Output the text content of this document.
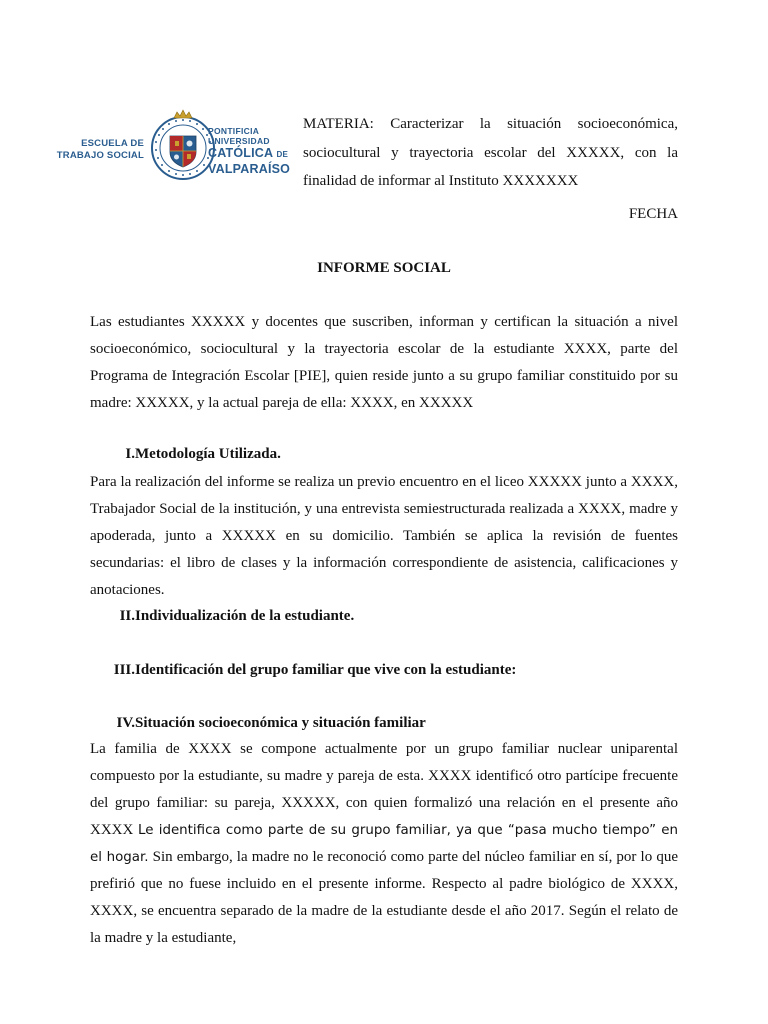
ESCUELA DE
TRABAJO SOCIAL
PONTIFICIA
UNIVERSIDAD
CATÓLICA DE
VALPARAÍSO
MATERIA: Caracterizar la situación socioeconómica, sociocultural y trayectoria escolar del XXXXX, con la finalidad de informar al Instituto XXXXXXX
FECHA
INFORME SOCIAL

Las estudiantes XXXXX y docentes que suscriben, informan y certifican la situación a nivel socioeconómico, sociocultural y la trayectoria escolar de la estudiante XXXX, parte del Programa de Integración Escolar [PIE], quien reside junto a su grupo familiar constituido por su madre: XXXXX, y la actual pareja de ella: XXXX, en XXXXX

I. Metodología Utilizada.

Para la realización del informe se realiza un previo encuentro en el liceo XXXXX junto a XXXX, Trabajador Social de la institución, y una entrevista semiestructurada realizada a XXXX, madre y apoderada, junto a XXXXX en su domicilio. También se aplica la revisión de fuentes secundarias: el libro de clases y la información correspondiente de asistencia, calificaciones y anotaciones.

II. Individualización de la estudiante.
III. Identificación del grupo familiar que vive con la estudiante:
IV. Situación socioeconómica y situación familiar

La familia de XXXX se compone actualmente por un grupo familiar nuclear uniparental compuesto por la estudiante, su madre y pareja de esta. XXXX identificó otro partícipe frecuente del grupo familiar: su pareja, XXXXX, con quien formalizó una relación en el presente año XXXX Le identifica como parte de su grupo familiar, ya que “pasa mucho tiempo” en el hogar. Sin embargo, la madre no le reconoció como parte del núcleo familiar en sí, por lo que prefirió que no fuese incluido en el presente informe. Respecto al padre biológico de XXXX, XXXX, se encuentra separado de la madre de la estudiante desde el año 2017. Según el relato de la madre y la estudiante,
